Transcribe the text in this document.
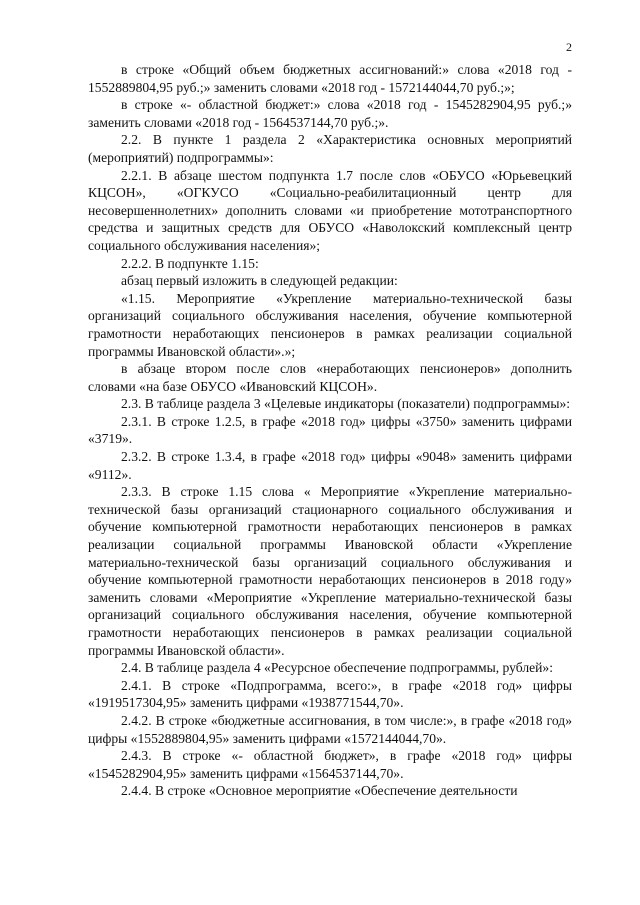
2

в строке «Общий объем бюджетных ассигнований:» слова «2018 год - 1552889804,95 руб.;» заменить словами «2018 год - 1572144044,70 руб.;»;

в строке «- областной бюджет:» слова «2018 год - 1545282904,95 руб.;» заменить словами «2018 год - 1564537144,70 руб.;».

2.2. В пункте 1 раздела 2 «Характеристика основных мероприятий (мероприятий) подпрограммы»:

2.2.1. В абзаце шестом подпункта 1.7 после слов «ОБУСО «Юрьевецкий КЦСОН», «ОГКУСО «Социально-реабилитационный центр для несовершеннолетних» дополнить словами «и приобретение мототранспортного средства и защитных средств для ОБУСО «Наволокский комплексный центр социального обслуживания населения»;

2.2.2. В подпункте 1.15:

абзац первый изложить в следующей редакции:

«1.15. Мероприятие «Укрепление материально-технической базы организаций социального обслуживания населения, обучение компьютерной грамотности неработающих пенсионеров в рамках реализации социальной программы Ивановской области».»;

в абзаце втором после слов «неработающих пенсионеров» дополнить словами «на базе ОБУСО «Ивановский КЦСОН».

2.3. В таблице раздела 3 «Целевые индикаторы (показатели) подпрограммы»:

2.3.1. В строке 1.2.5, в графе «2018 год» цифры «3750» заменить цифрами «3719».

2.3.2. В строке 1.3.4, в графе «2018 год» цифры «9048» заменить цифрами «9112».

2.3.3. В строке 1.15 слова « Мероприятие «Укрепление материально-технической базы организаций стационарного социального обслуживания и обучение компьютерной грамотности неработающих пенсионеров в рамках реализации социальной программы Ивановской области «Укрепление материально-технической базы организаций социального обслуживания и обучение компьютерной грамотности неработающих пенсионеров в 2018 году» заменить словами «Мероприятие «Укрепление материально-технической базы организаций социального обслуживания населения, обучение компьютерной грамотности неработающих пенсионеров в рамках реализации социальной программы Ивановской области».

2.4. В таблице раздела 4 «Ресурсное обеспечение подпрограммы, рублей»:

2.4.1. В строке «Подпрограмма, всего:», в графе «2018 год» цифры «1919517304,95» заменить цифрами «1938771544,70».

2.4.2. В строке «бюджетные ассигнования, в том числе:», в графе «2018 год» цифры «1552889804,95» заменить цифрами «1572144044,70».

2.4.3. В строке «- областной бюджет», в графе «2018 год» цифры «1545282904,95» заменить цифрами «1564537144,70».

2.4.4. В строке «Основное мероприятие «Обеспечение деятельности
